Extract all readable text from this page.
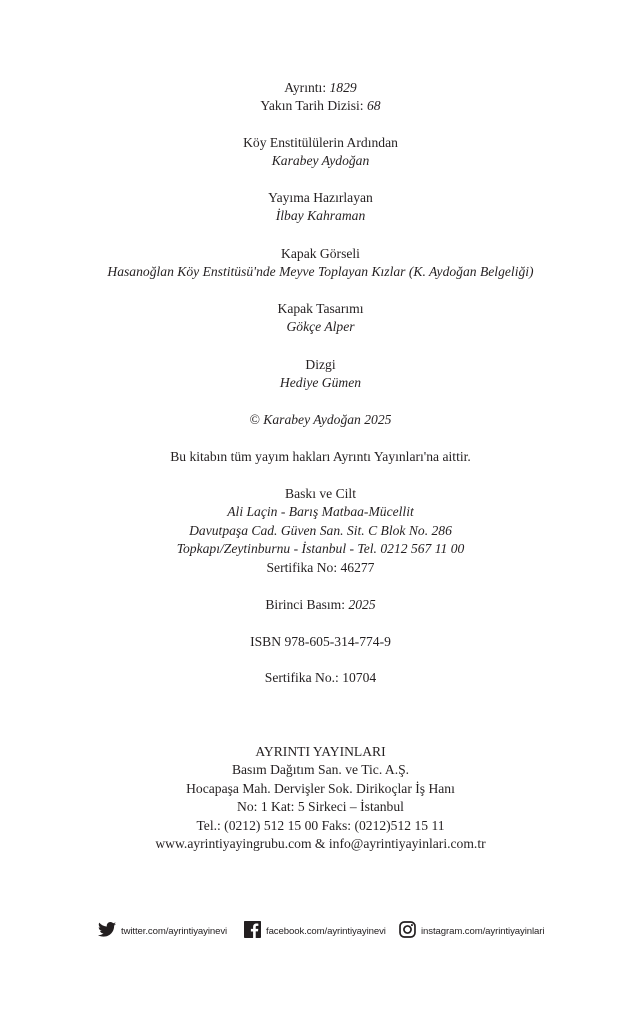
Ayrıntı: 1829
Yakın Tarih Dizisi: 68
Köy Enstitülülerin Ardından
Karabey Aydoğan
Yayıma Hazırlayan
İlbay Kahraman
Kapak Görseli
Hasanoğlan Köy Enstitüsü'nde Meyve Toplayan Kızlar (K. Aydoğan Belgeliği)
Kapak Tasarımı
Gökçe Alper
Dizgi
Hediye Gümen
© Karabey Aydoğan 2025
Bu kitabın tüm yayım hakları Ayrıntı Yayınları'na aittir.
Baskı ve Cilt
Ali Laçin - Barış Matbaa-Mücellit
Davutpaşa Cad. Güven San. Sit. C Blok No. 286
Topkapı/Zeytinburnu - İstanbul - Tel. 0212 567 11 00
Sertifika No: 46277
Birinci Basım: 2025
ISBN 978-605-314-774-9
Sertifika No.: 10704
AYRINTI YAYINLARI
Basım Dağıtım San. ve Tic. A.Ş.
Hocapaşa Mah. Dervişler Sok. Dirikoçlar İş Hanı
No: 1 Kat: 5 Sirkeci – İstanbul
Tel.: (0212) 512 15 00 Faks: (0212)512 15 11
www.ayrintiyayingrubu.com & info@ayrintiyayinlari.com.tr
twitter.com/ayrintiyayinevi	facebook.com/ayrintiyayinevi	instagram.com/ayrintiyayinlari
